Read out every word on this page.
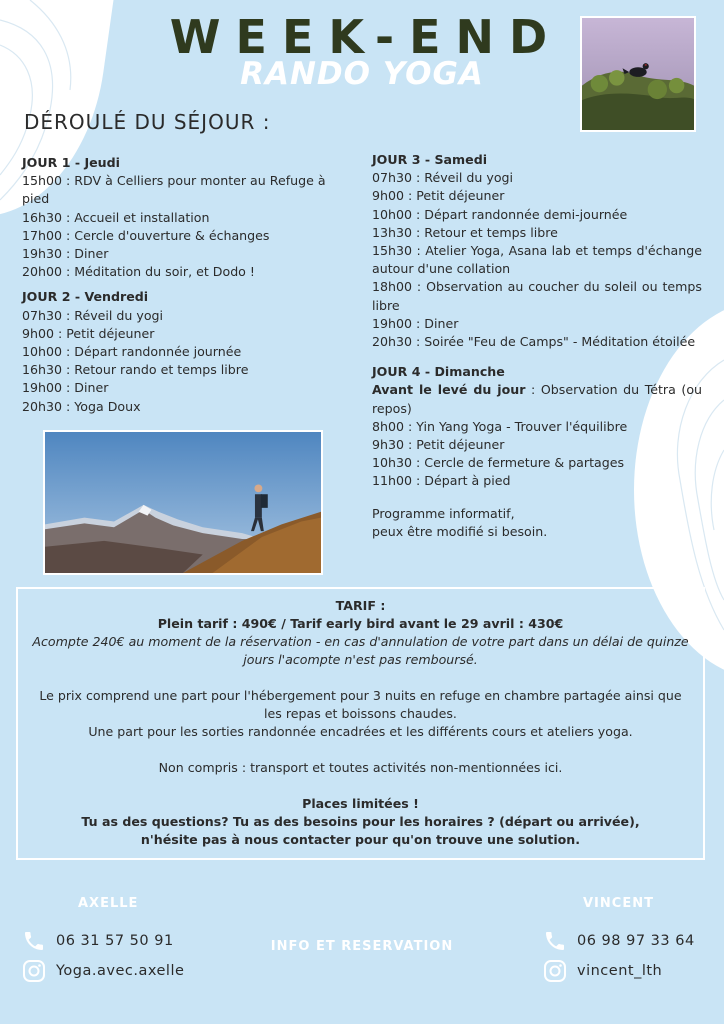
WEEK-END
RANDO YOGA
DÉROULÉ DU SÉJOUR :
JOUR 1 - Jeudi
15h00 : RDV à Celliers pour monter au Refuge à pied
16h30 : Accueil et installation
17h00 : Cercle d'ouverture & échanges
19h30 : Diner
20h00 : Méditation du soir, et Dodo !
JOUR 2 - Vendredi
07h30 : Réveil du yogi
9h00 : Petit déjeuner
10h00 : Départ randonnée journée
16h30 : Retour rando et temps libre
19h00 : Diner
20h30 : Yoga Doux
JOUR 3 - Samedi
07h30 : Réveil du yogi
9h00 : Petit déjeuner
10h00 : Départ randonnée demi-journée
13h30 : Retour et temps libre
15h30 : Atelier Yoga, Asana lab et temps d'échange autour d'une collation
18h00 : Observation au coucher du soleil ou temps libre
19h00 : Diner
20h30 : Soirée "Feu de Camps" - Méditation étoilée
JOUR 4 - Dimanche
Avant le levé du jour : Observation du Tétra (ou repos)
8h00 : Yin Yang Yoga - Trouver l'équilibre
9h30 : Petit déjeuner
10h30 : Cercle de fermeture & partages
11h00 : Départ à pied
Programme informatif,
peux être modifié si besoin.
TARIF :
Plein tarif : 490€ / Tarif early bird avant le 29 avril : 430€
Acompte 240€ au moment de la réservation - en cas d'annulation de votre part dans un délai de quinze jours l'acompte n'est pas remboursé.
Le prix comprend une part pour l'hébergement pour 3 nuits en refuge en chambre partagée ainsi que les repas et boissons chaudes.
Une part pour les sorties randonnée encadrées et les différents cours et ateliers yoga.
Non compris : transport et toutes activités non-mentionnées ici.
Places limitées !
Tu as des questions? Tu as des besoins pour les horaires ? (départ ou arrivée),
n'hésite pas à nous contacter pour qu'on trouve une solution.
AXELLE	VINCENT
INFO ET RESERVATION
06 31 57 50 91
Yoga.avec.axelle
06 98 97 33 64
vincent_lth
